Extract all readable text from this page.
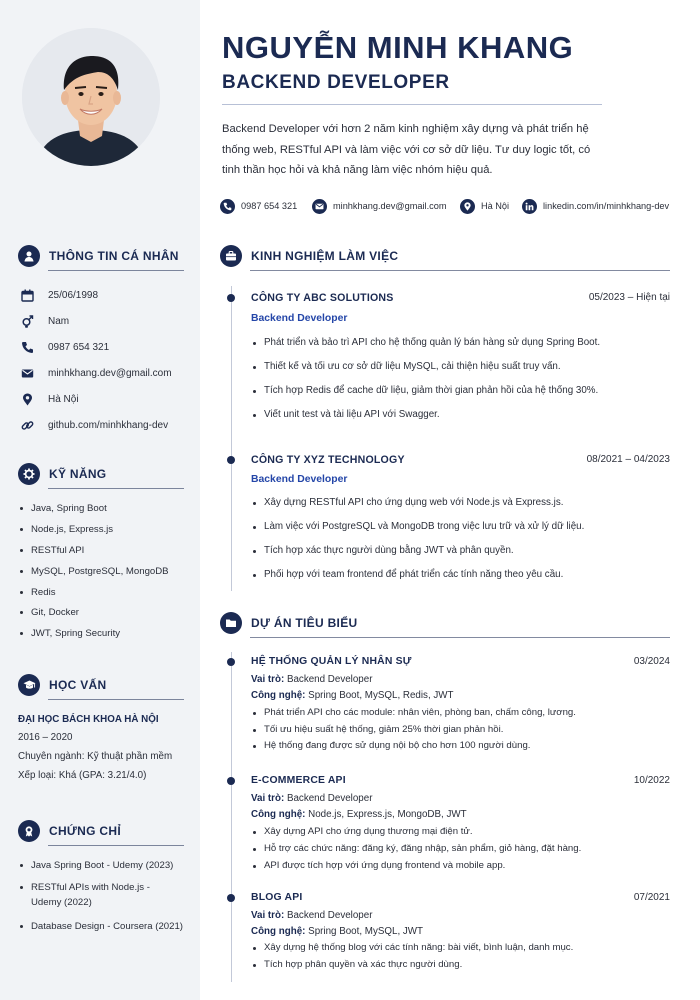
THÔNG TIN CÁ NHÂN
25/06/1998
Nam
0987 654 321
minhkhang.dev@gmail.com
Hà Nội
github.com/minhkhang-dev
KỸ NĂNG
Java, Spring Boot
Node.js, Express.js
RESTful API
MySQL, PostgreSQL, MongoDB
Redis
Git, Docker
JWT, Spring Security
HỌC VẤN
ĐẠI HỌC BÁCH KHOA HÀ NỘI
2016 – 2020
Chuyên ngành: Kỹ thuật phần mềm
Xếp loại: Khá (GPA: 3.21/4.0)
CHỨNG CHỈ
Java Spring Boot - Udemy (2023)
RESTful APIs with Node.js - Udemy (2022)
Database Design - Coursera (2021)
NGUYỄN MINH KHANG
BACKEND DEVELOPER
Backend Developer với hơn 2 năm kinh nghiệm xây dựng và phát triển hệ thống web, RESTful API và làm việc với cơ sở dữ liệu. Tư duy logic tốt, có tinh thần học hỏi và khả năng làm việc nhóm hiệu quả.
0987 654 321	minhkhang.dev@gmail.com	Hà Nội	linkedin.com/in/minhkhang-dev
KINH NGHIỆM LÀM VIỆC
CÔNG TY ABC SOLUTIONS	05/2023 – Hiện tại
Backend Developer
Phát triển và bảo trì API cho hệ thống quản lý bán hàng sử dụng Spring Boot.
Thiết kế và tối ưu cơ sở dữ liệu MySQL, cải thiện hiệu suất truy vấn.
Tích hợp Redis để cache dữ liệu, giảm thời gian phản hồi của hệ thống 30%.
Viết unit test và tài liệu API với Swagger.
CÔNG TY XYZ TECHNOLOGY	08/2021 – 04/2023
Backend Developer
Xây dựng RESTful API cho ứng dụng web với Node.js và Express.js.
Làm việc với PostgreSQL và MongoDB trong việc lưu trữ và xử lý dữ liệu.
Tích hợp xác thực người dùng bằng JWT và phân quyền.
Phối hợp với team frontend để phát triển các tính năng theo yêu cầu.
DỰ ÁN TIÊU BIỂU
HỆ THỐNG QUẢN LÝ NHÂN SỰ	03/2024
Vai trò: Backend Developer
Công nghệ: Spring Boot, MySQL, Redis, JWT
Phát triển API cho các module: nhân viên, phòng ban, chấm công, lương.
Tối ưu hiệu suất hệ thống, giảm 25% thời gian phản hồi.
Hệ thống đang được sử dụng nội bộ cho hơn 100 người dùng.
E-COMMERCE API	10/2022
Vai trò: Backend Developer
Công nghệ: Node.js, Express.js, MongoDB, JWT
Xây dựng API cho ứng dụng thương mại điện tử.
Hỗ trợ các chức năng: đăng ký, đăng nhập, sản phẩm, giỏ hàng, đặt hàng.
API được tích hợp với ứng dụng frontend và mobile app.
BLOG API	07/2021
Vai trò: Backend Developer
Công nghệ: Spring Boot, MySQL, JWT
Xây dựng hệ thống blog với các tính năng: bài viết, bình luận, danh mục.
Tích hợp phân quyền và xác thực người dùng.
